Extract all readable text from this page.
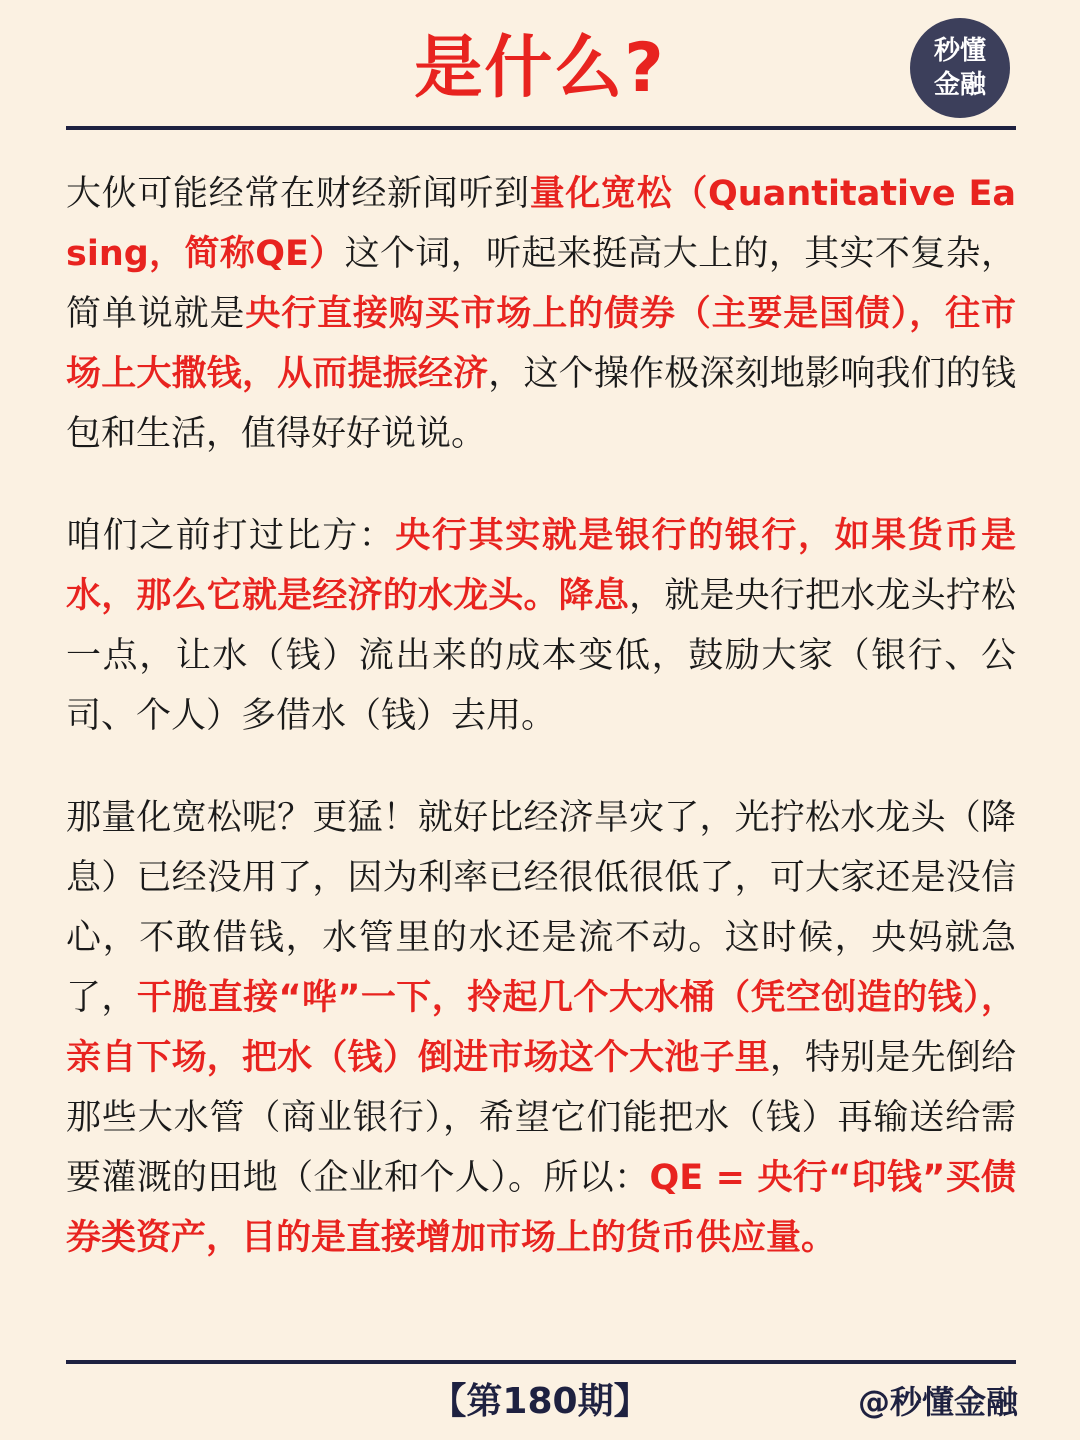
是什么?	秒懂
金融

大伙可能经常在财经新闻听到量化宽松（Quantitative Easing，简称QE）这个词，听起来挺高大上的，其实不复杂，简单说就是央行直接购买市场上的债券（主要是国债），往市场上大撒钱，从而提振经济，这个操作极深刻地影响我们的钱包和生活，值得好好说说。

咱们之前打过比方：央行其实就是银行的银行，如果货币是水，那么它就是经济的水龙头。降息，就是央行把水龙头拧松一点，让水（钱）流出来的成本变低，鼓励大家（银行、公司、个人）多借水（钱）去用。

那量化宽松呢？更猛！就好比经济旱灾了，光拧松水龙头（降息）已经没用了，因为利率已经很低很低了，可大家还是没信心，不敢借钱，水管里的水还是流不动。这时候，央妈就急了，干脆直接“哗”一下，拎起几个大水桶（凭空创造的钱），亲自下场，把水（钱）倒进市场这个大池子里，特别是先倒给那些大水管（商业银行），希望它们能把水（钱）再输送给需要灌溉的田地（企业和个人）。所以：QE = 央行“印钱”买债券类资产，目的是直接增加市场上的货币供应量。

【第180期】	@秒懂金融
